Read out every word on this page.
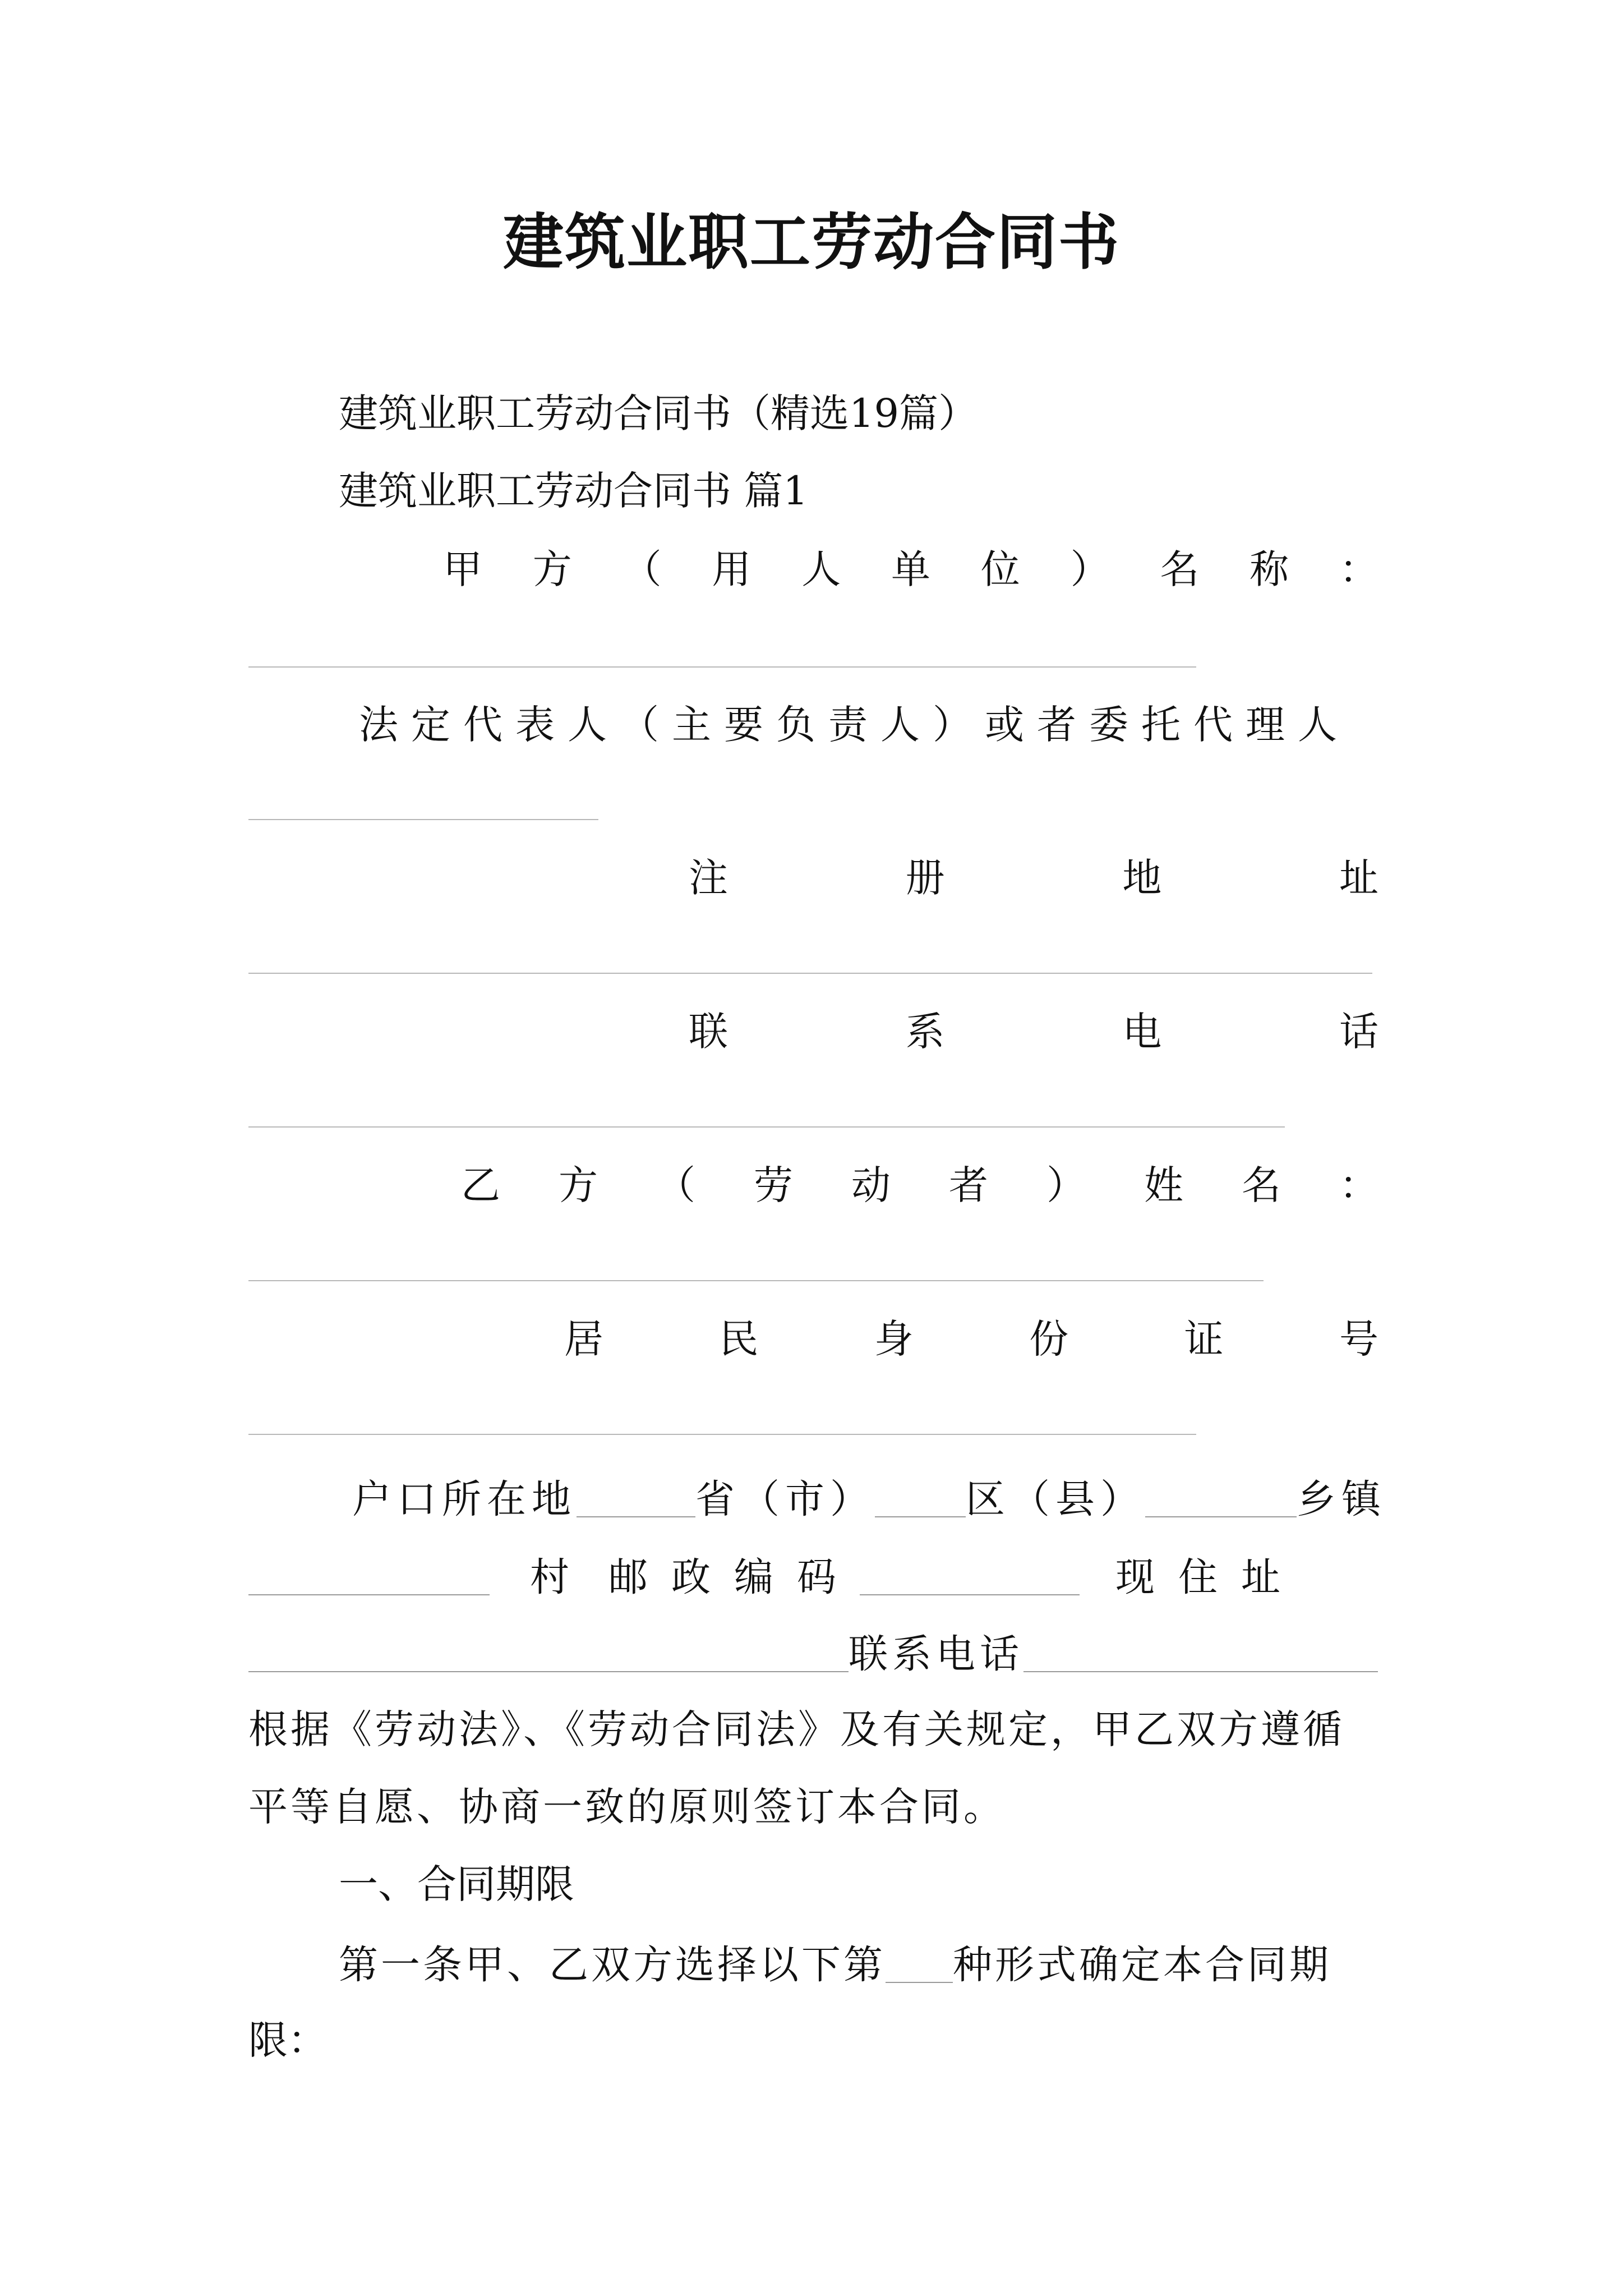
建筑业职工劳动合同书
建筑业职工劳动合同书（精选19篇）
建筑业职工劳动合同书 篇1
甲 方 （ 用 人 单 位 ） 名 称 ：
法定代表人（主要负责人）或者委托代理人
注	册	地	址
联	系	电	话
乙 方 （ 劳 动 者 ） 姓 名 ：
居	民	身	份	证	号
户口所在地	省（市） 区（县）	乡镇
村 邮政编码	现住址
联系电话
根据《劳动法》、《劳动合同法》及有关规定，甲乙双方遵循
平等自愿、协商一致的原则签订本合同。
一、合同期限
第一条甲、乙双方选择以下第 种形式确定本合同期
限：
